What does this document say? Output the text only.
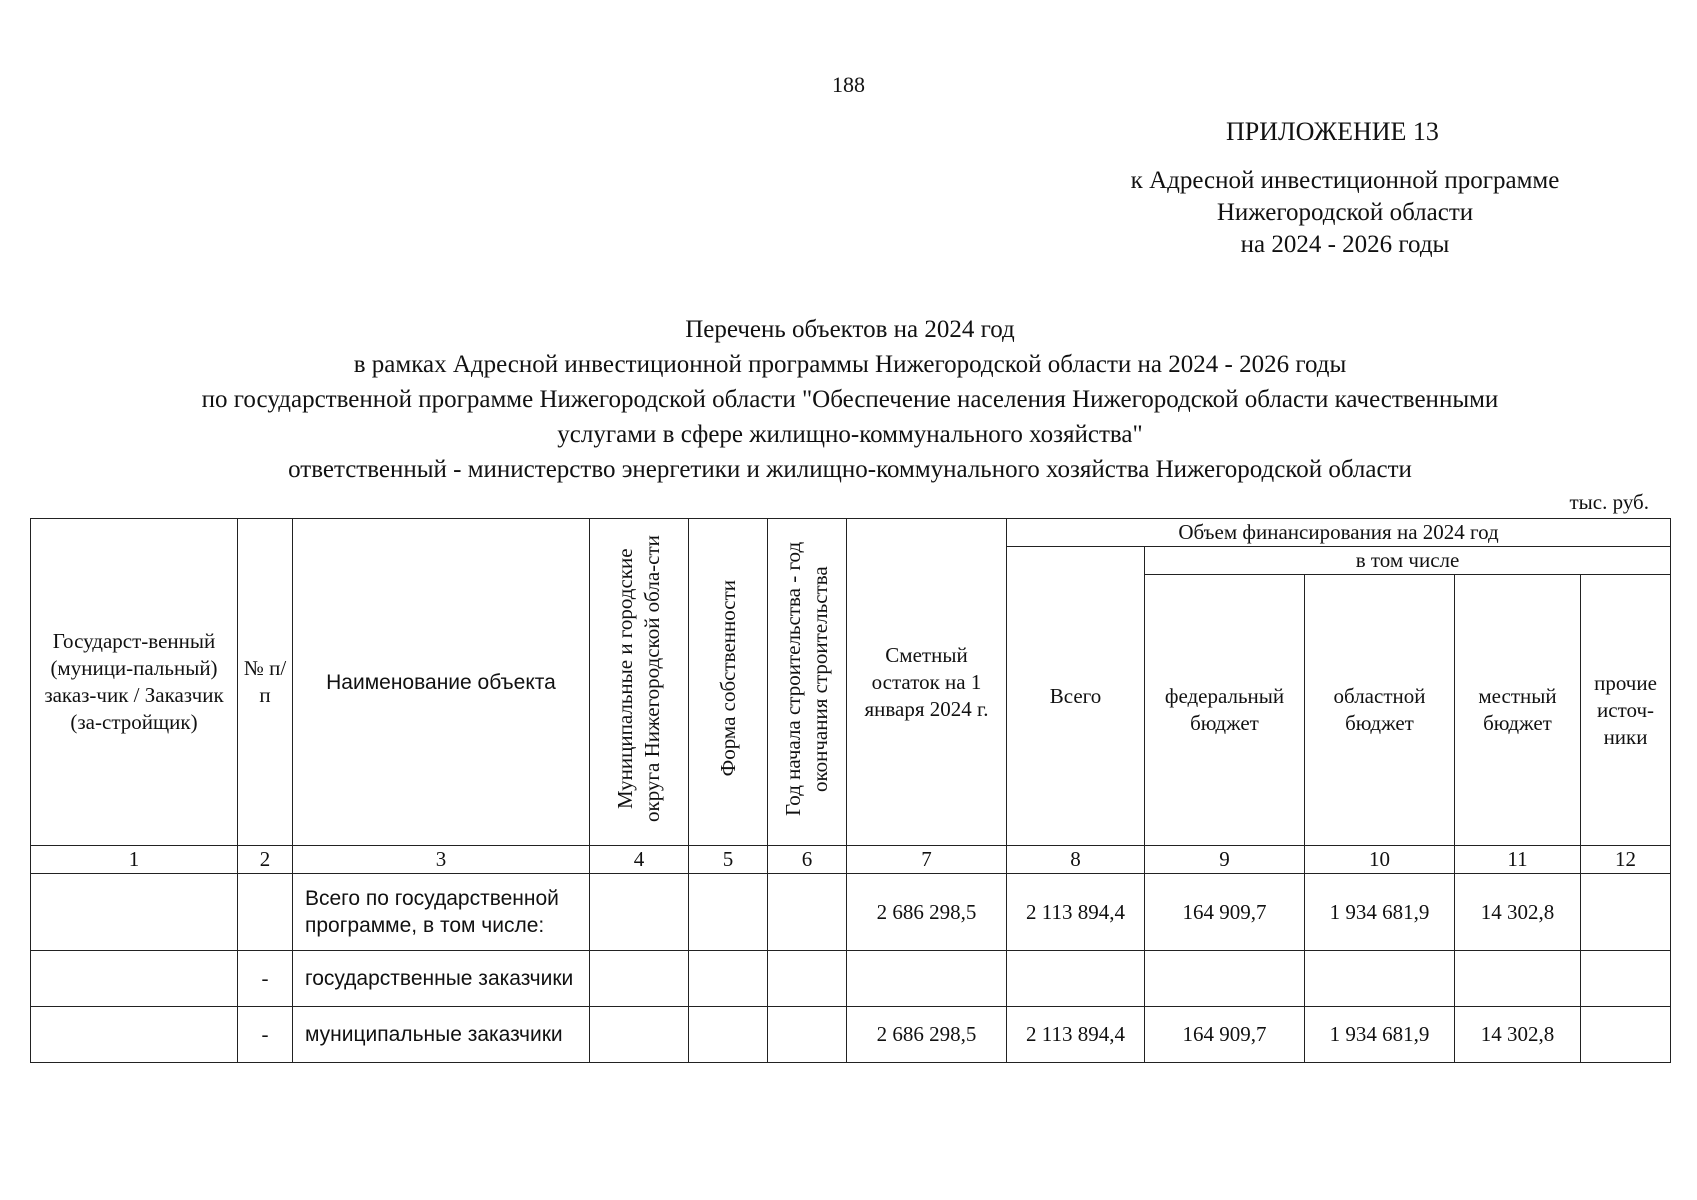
188
ПРИЛОЖЕНИЕ 13
к Адресной инвестиционной программе
Нижегородской области
на 2024 - 2026 годы
Перечень объектов на 2024 год
в рамках Адресной инвестиционной программы Нижегородской области на 2024 - 2026 годы
по государственной программе Нижегородской области "Обеспечение населения Нижегородской области качественными
услугами в сфере жилищно-коммунального хозяйства"
ответственный - министерство энергетики и жилищно-коммунального хозяйства Нижегородской области
тыс. руб.
Государст-венный (муници-пальный) заказ-чик / Заказчик (за-стройщик)	№ п/п	Наименование объекта	Муниципальные и городские округа Нижегородской обла-сти	Форма собственности	Год начала строительства - год окончания строительства	Сметный остаток на 1 января 2024 г.	Объем финансирования на 2024 год				
							Всего	в том числе			
								федеральный бюджет	областной бюджет	местный бюджет	прочие источ-ники
1	2	3	4	5	6	7	8	9	10	11	12
		Всего по государственной программе, в том числе:				2 686 298,5	2 113 894,4	164 909,7	1 934 681,9	14 302,8	
	-	государственные заказчики									
	-	муниципальные заказчики				2 686 298,5	2 113 894,4	164 909,7	1 934 681,9	14 302,8	
